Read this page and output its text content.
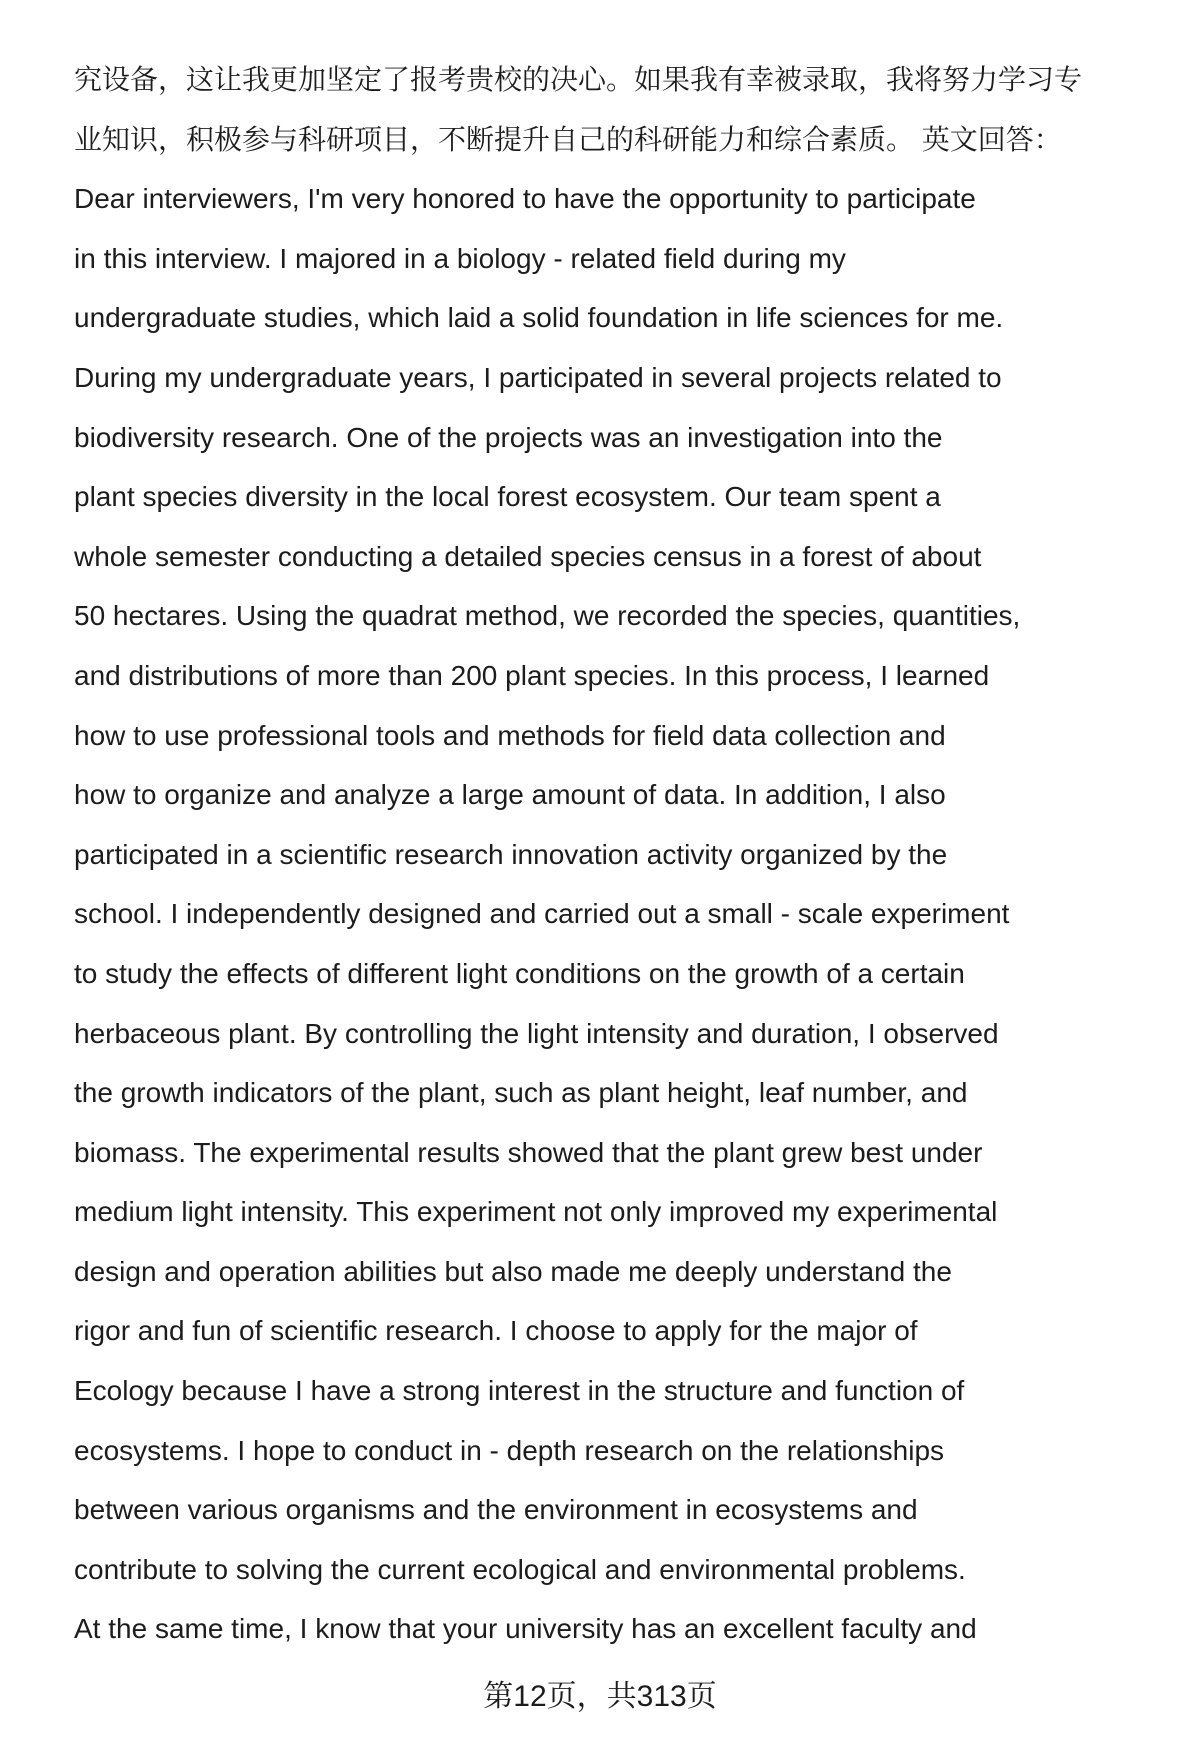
究设备，这让我更加坚定了报考贵校的决心。如果我有幸被录取，我将努力学习专
业知识，积极参与科研项目，不断提升自己的科研能力和综合素质。 英文回答：
Dear interviewers, I'm very honored to have the opportunity to participate
in this interview. I majored in a biology - related field during my
undergraduate studies, which laid a solid foundation in life sciences for me.
During my undergraduate years, I participated in several projects related to
biodiversity research. One of the projects was an investigation into the
plant species diversity in the local forest ecosystem. Our team spent a
whole semester conducting a detailed species census in a forest of about
50 hectares. Using the quadrat method, we recorded the species, quantities,
and distributions of more than 200 plant species. In this process, I learned
how to use professional tools and methods for field data collection and
how to organize and analyze a large amount of data. In addition, I also
participated in a scientific research innovation activity organized by the
school. I independently designed and carried out a small - scale experiment
to study the effects of different light conditions on the growth of a certain
herbaceous plant. By controlling the light intensity and duration, I observed
the growth indicators of the plant, such as plant height, leaf number, and
biomass. The experimental results showed that the plant grew best under
medium light intensity. This experiment not only improved my experimental
design and operation abilities but also made me deeply understand the
rigor and fun of scientific research. I choose to apply for the major of
Ecology because I have a strong interest in the structure and function of
ecosystems. I hope to conduct in - depth research on the relationships
between various organisms and the environment in ecosystems and
contribute to solving the current ecological and environmental problems.
At the same time, I know that your university has an excellent faculty and
第12页，共313页
